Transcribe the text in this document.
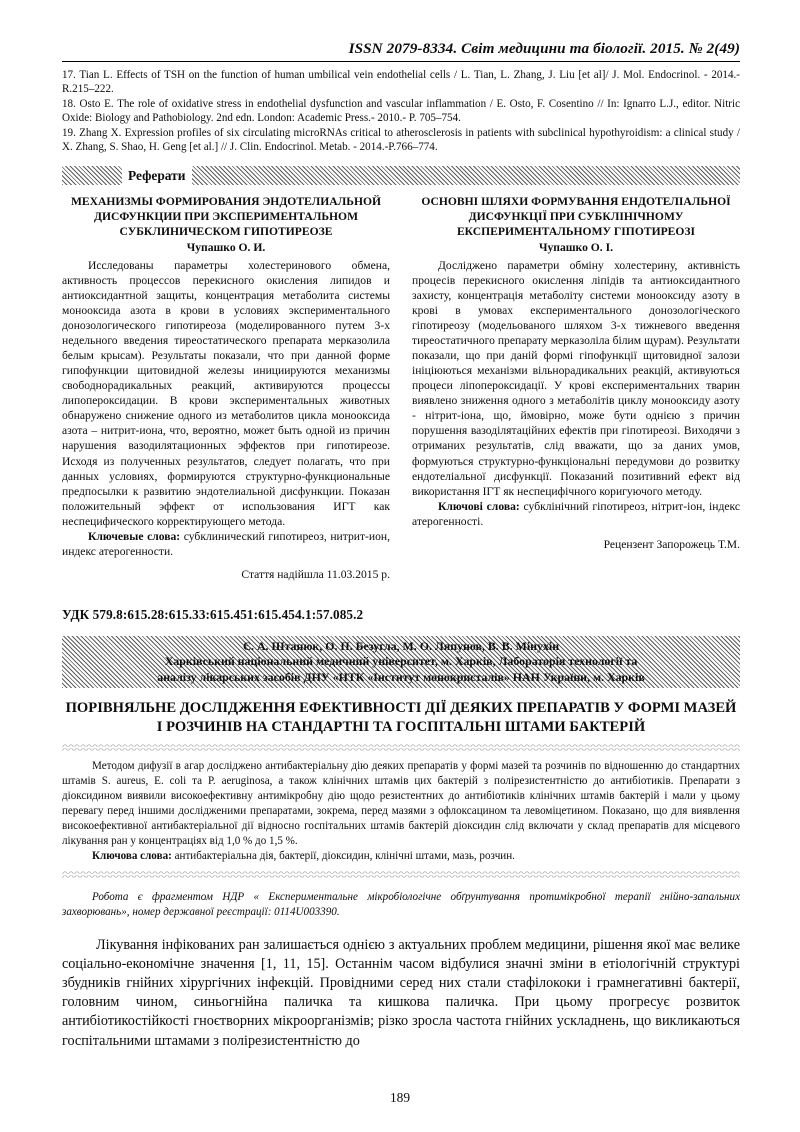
ISSN 2079-8334. Світ медицини та біології. 2015. № 2(49)

17. Tian L. Effects of TSH on the function of human umbilical vein endothelial cells / L. Tian, L. Zhang, J. Liu [et al]/ J. Mol. Endocrinol. - 2014.-R.215–222.

18. Osto E. The role of oxidative stress in endothelial dysfunction and vascular inflammation / E. Osto, F. Cosentino // In: Ignarro L.J., editor. Nitric Oxide: Biology and Pathobiology. 2nd edn. London: Academic Press.- 2010.- P. 705–754.

19. Zhang X. Expression profiles of six circulating microRNAs critical to atherosclerosis in patients with subclinical hypothyroidism: a clinical study / X. Zhang, S. Shao, H. Geng [et al.] // J. Clin. Endocrinol. Metab. - 2014.-P.766–774.

Реферати
МЕХАНИЗМЫ ФОРМИРОВАНИЯ ЭНДОТЕЛИАЛЬНОЙ ДИСФУНКЦИИ ПРИ ЭКСПЕРИМЕНТАЛЬНОМ СУБКЛИНИЧЕСКОМ ГИПОТИРЕОЗЕ
Чупашко О. И.
Исследованы параметры холестеринового обмена, активность процессов перекисного окисления липидов и антиоксидантной защиты, концентрация метаболита системы монооксида азота в крови в условиях экспериментального донозологического гипотиреоза (моделированного путем 3-х недельного введения тиреостатического препарата мерказолила белым крысам). Результаты показали, что при данной форме гипофункции щитовидной железы инициируются механизмы свободнорадикальных реакций, активируются процессы липопероксидации. В крови экспериментальных животных обнаружено снижение одного из метаболитов цикла монооксида азота – нитрит-иона, что, вероятно, может быть одной из причин нарушения вазодилятационных эффектов при гипотиреозе. Исходя из полученных результатов, следует полагать, что при данных условиях, формируются структурно-функциональные предпосылки к развитию эндотелиальной дисфункции. Показан положительный эффект от использования ИГТ как неспецифического корректирующего метода.
Ключевые слова: субклинический гипотиреоз, нитрит-ион, индекс атерогенности.
Стаття надійшла 11.03.2015 р.
ОСНОВНІ ШЛЯХИ ФОРМУВАННЯ ЕНДОТЕЛІАЛЬНОЇ ДИСФУНКЦІЇ ПРИ СУБКЛІНІЧНОМУ ЕКСПЕРИМЕНТАЛЬНОМУ ГІПОТИРЕОЗІ
Чупашко О. І.
Досліджено параметри обміну холестерину, активність процесів перекисного окислення ліпідів та антиоксидантного захисту, концентрація метаболіту системи монооксиду азоту в крові в умовах експериментального донозологіческого гіпотиреозу (модельованого шляхом 3-х тижневого введення тиреостатичного препарату мерказоліла білим щурам). Результати показали, що при даній формі гіпофункції щитовидної залози ініціюються механізми вільнорадикальних реакцій, активуються процеси ліпопероксидації. У крові експериментальних тварин виявлено зниження одного з метаболітів циклу монооксиду азоту - нітрит-іона, що, ймовірно, може бути однією з причин порушення вазоділятаційних ефектів при гіпотиреозі. Виходячи з отриманих результатів, слід вважати, що за даних умов, формуються структурно-функціональні передумови до розвитку ендотеліальної дисфункції. Показаний позитивний ефект від використання ІГТ як неспецифічного коригуючого методу.
Ключові слова: субклінічний гіпотиреоз, нітрит-іон, індекс атерогенності.
Рецензент Запорожець Т.М.
УДК 579.8:615.28:615.33:615.451:615.454.1:57.085.2
Є. А. Штанюк, О. П. Безугла, М. О. Ляпунов, В. В. Мінухін
Харківський національний медичний університет, м. Харків, Лабораторія технології та
аналізу лікарських засобів ДНУ «НТК «Інститут монокристалів» НАН України, м. Харків
ПОРІВНЯЛЬНЕ ДОСЛІДЖЕННЯ ЕФЕКТИВНОСТІ ДІЇ ДЕЯКИХ ПРЕПАРАТІВ У ФОРМІ МАЗЕЙ І РОЗЧИНІВ НА СТАНДАРТНІ ТА ГОСПІТАЛЬНІ ШТАМИ БАКТЕРІЙ
Методом дифузії в агар досліджено антибактеріальну дію деяких препаратів у формі мазей та розчинів по відношенню до стандартних штамів S. aureus, E. coli та P. aeruginosa, а також клінічних штамів цих бактерій з полірезистентністю до антибіотиків. Препарати з діоксидином виявили високоефективну антимікробну дію щодо резистентних до антибіотиків клінічних штамів бактерій і мали у цьому перевагу перед іншими дослідженими препаратами, зокрема, перед мазями з офлоксацином та левоміцетином. Показано, що для виявлення високоефективної антибактеріальної дії відносно госпітальних штамів бактерій діоксидин слід включати у склад препаратів для місцевого лікування ран у концентраціях від 1,0 % до 1,5 %.
Ключова слова: антибактеріальна дія, бактерії, діоксидин, клінічні штами, мазь, розчин.
Робота є фрагментом НДР « Експериментальне мікробіологічне обґрунтування протимікробної терапії гнійно-запальних захворювань», номер державної реєстрації: 0114U003390.
Лікування інфікованих ран залишається однією з актуальних проблем медицини, рішення якої має велике соціально-економічне значення [1, 11, 15]. Останнім часом відбулися значні зміни в етіологічній структурі збудників гнійних хірургічних інфекцій. Провідними серед них стали стафілококи і грамнегативні бактерії, головним чином, синьогнійна паличка та кишкова паличка. При цьому прогресує розвиток антибіотикостійкості гноєтворних мікроорганізмів; різко зросла частота гнійних ускладнень, що викликаються госпітальними штамами з полірезистентністю до
189
